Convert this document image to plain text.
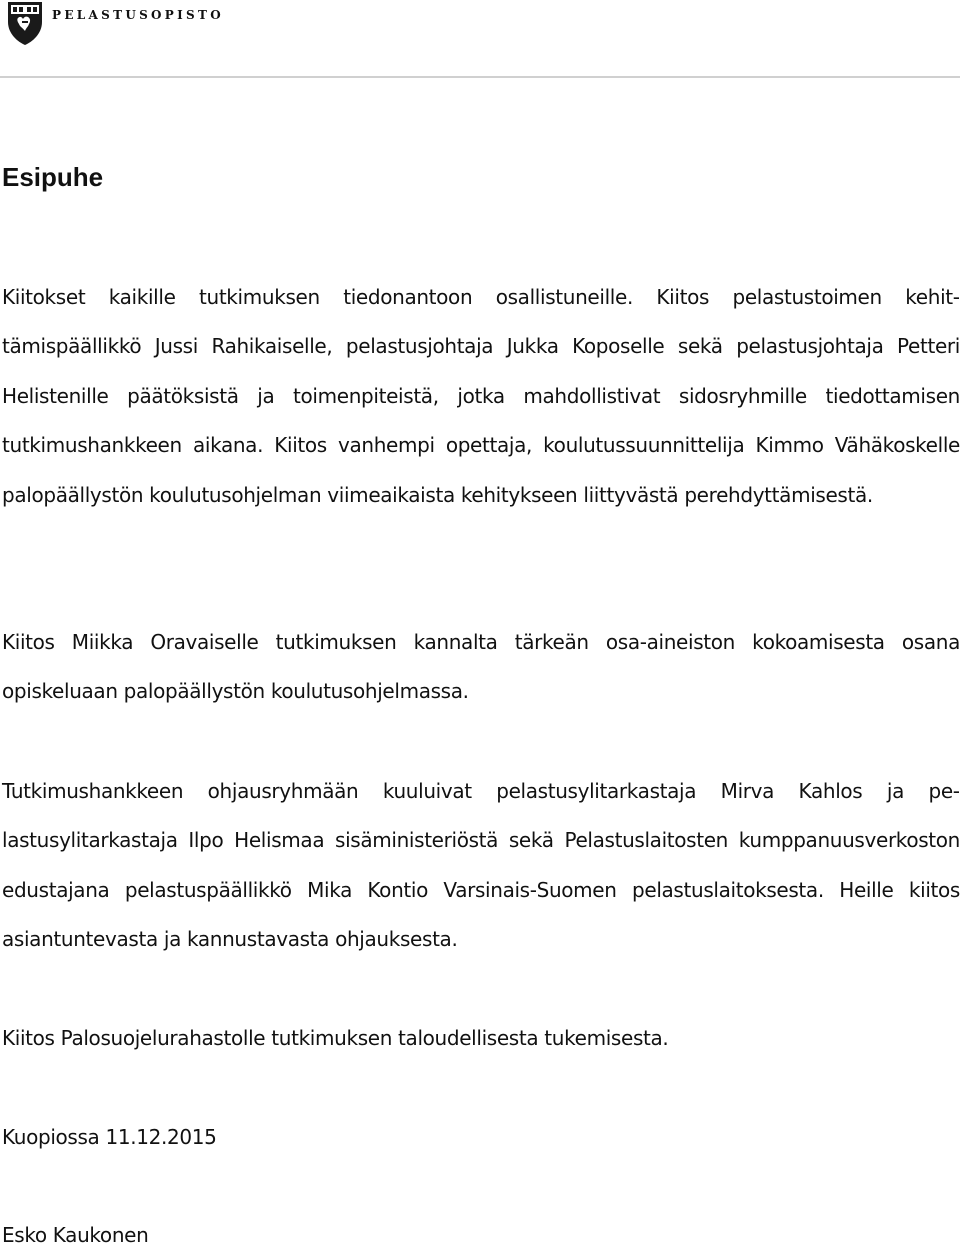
PELASTUSOPISTO
Esipuhe

Kiitokset kaikille tutkimuksen tiedonantoon osallistuneille. Kiitos pelastustoimen kehittämispäällikkö Jussi Rahikaiselle, pelastusjohtaja Jukka Koposelle sekä pelastusjohtaja Petteri Helistenille päätöksistä ja toimenpiteistä, jotka mahdollistivat sidosryhmille tiedottamisen tutkimushankkeen aikana. Kiitos vanhempi opettaja, koulutussuunnittelija Kimmo Vähäkoskelle palopäällystön koulutusohjelman viimeaikaista kehitykseen liittyvästä perehdyttämisestä.

Kiitos Miikka Oravaiselle tutkimuksen kannalta tärkeän osa-aineiston kokoamisesta osana opiskeluaan palopäällystön koulutusohjelmassa.

Tutkimushankkeen ohjausryhmään kuuluivat pelastusylitarkastaja Mirva Kahlos ja pelastusylitarkastaja Ilpo Helismaa sisäministeriöstä sekä Pelastuslaitosten kumppanuusverkoston edustajana pelastuspäällikkö Mika Kontio Varsinais-Suomen pelastuslaitoksesta. Heille kiitos asiantuntevasta ja kannustavasta ohjauksesta.

Kiitos Palosuojelurahastolle tutkimuksen taloudellisesta tukemisesta.

Kuopiossa 11.12.2015

Esko Kaukonen
